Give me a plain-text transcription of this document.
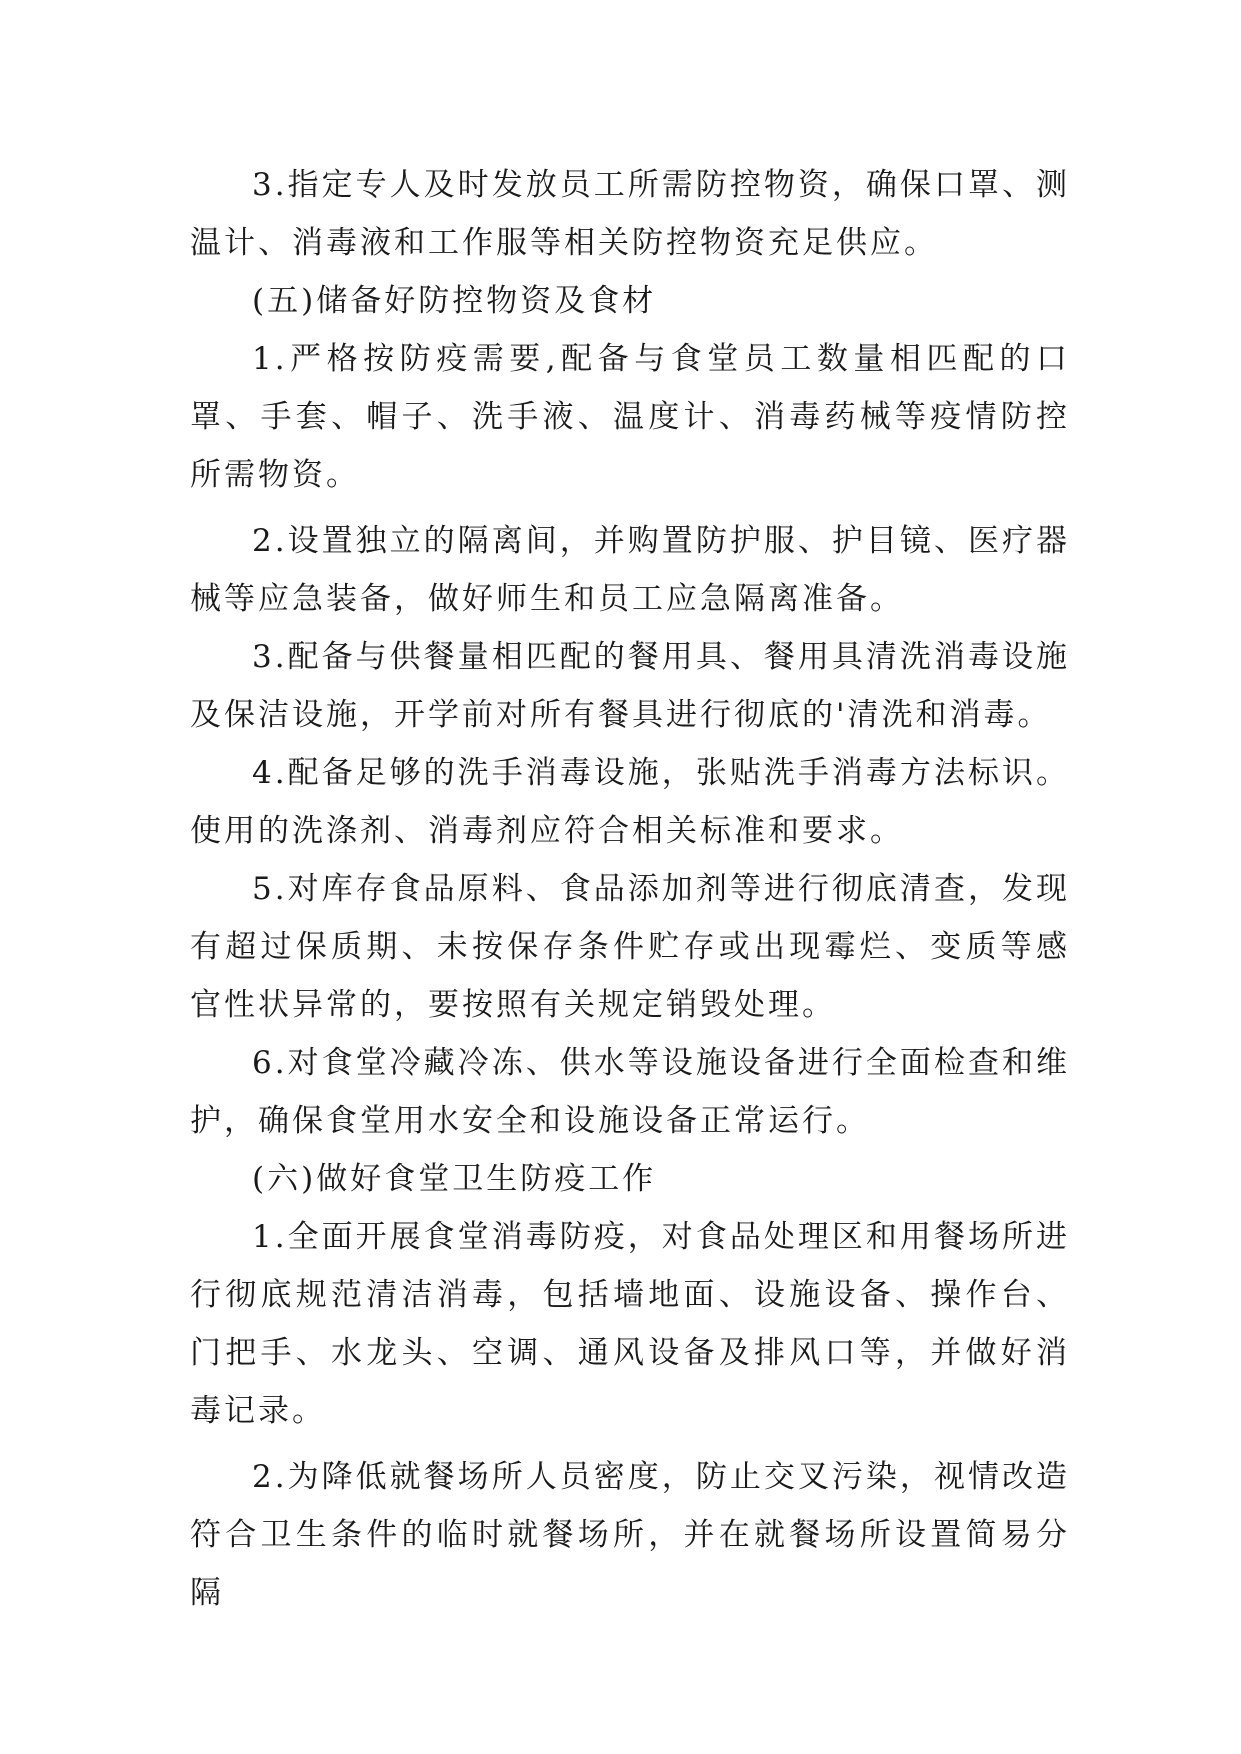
3.指定专人及时发放员工所需防控物资，确保口罩、测温计、消毒液和工作服等相关防控物资充足供应。

(五)储备好防控物资及食材

1.严格按防疫需要,配备与食堂员工数量相匹配的口罩、手套、帽子、洗手液、温度计、消毒药械等疫情防控所需物资。

2.设置独立的隔离间，并购置防护服、护目镜、医疗器械等应急装备，做好师生和员工应急隔离准备。

3.配备与供餐量相匹配的餐用具、餐用具清洗消毒设施及保洁设施，开学前对所有餐具进行彻底的'清洗和消毒。

4.配备足够的洗手消毒设施，张贴洗手消毒方法标识。使用的洗涤剂、消毒剂应符合相关标准和要求。

5.对库存食品原料、食品添加剂等进行彻底清查，发现有超过保质期、未按保存条件贮存或出现霉烂、变质等感官性状异常的，要按照有关规定销毁处理。

6.对食堂冷藏冷冻、供水等设施设备进行全面检查和维护，确保食堂用水安全和设施设备正常运行。

(六)做好食堂卫生防疫工作

1.全面开展食堂消毒防疫，对食品处理区和用餐场所进行彻底规范清洁消毒，包括墙地面、设施设备、操作台、门把手、水龙头、空调、通风设备及排风口等，并做好消毒记录。

2.为降低就餐场所人员密度，防止交叉污染，视情改造符合卫生条件的临时就餐场所，并在就餐场所设置简易分隔
